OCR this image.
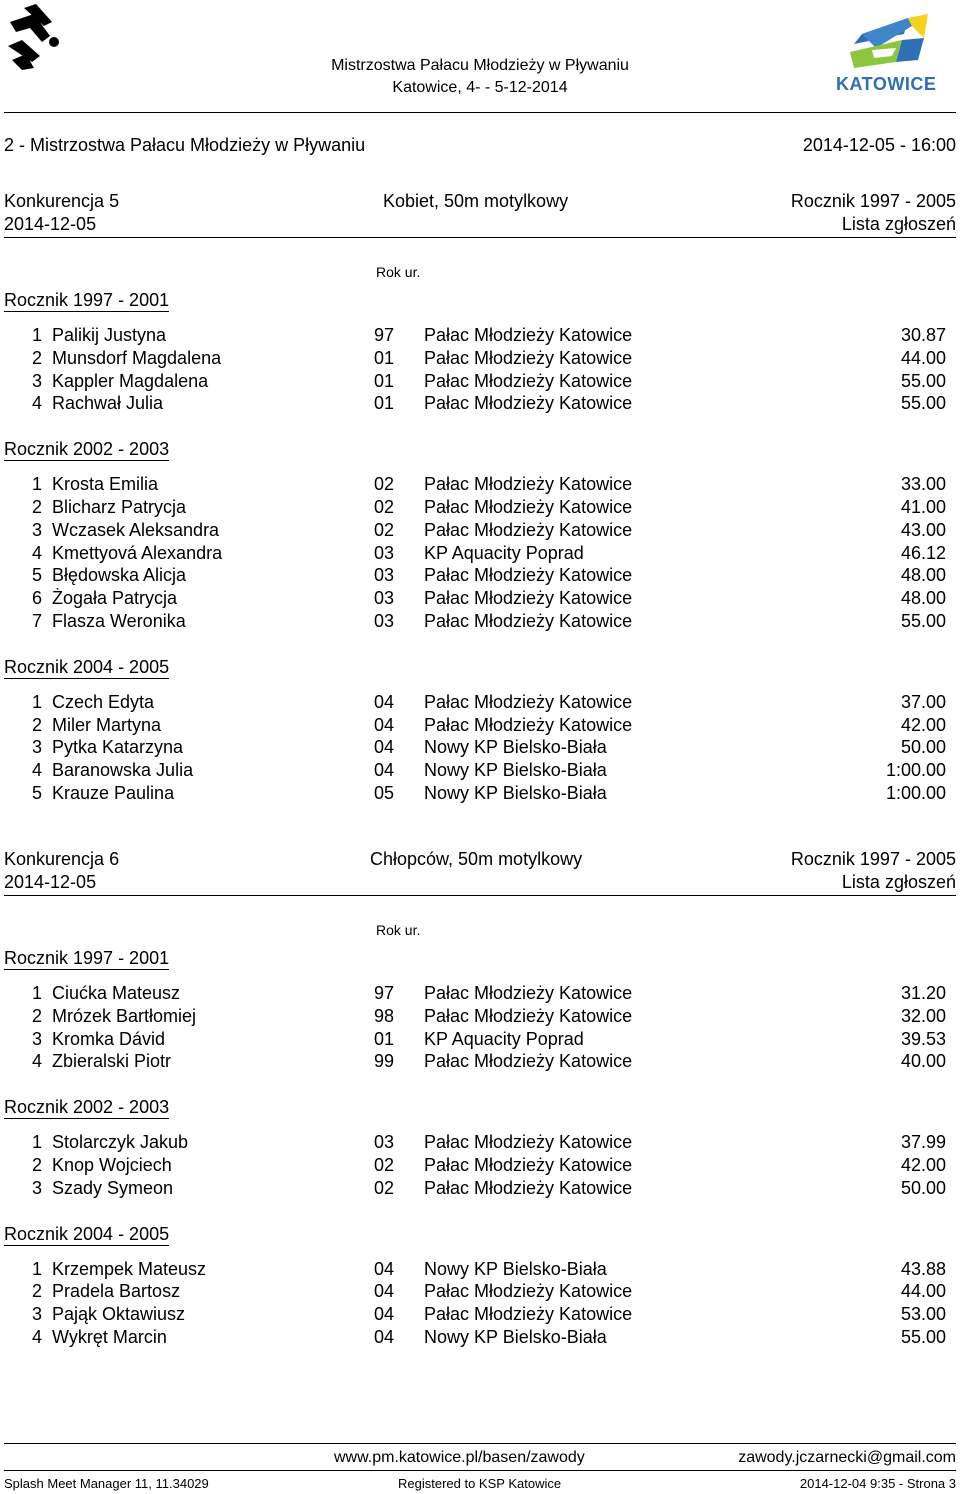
Mistrzostwa Pałacu Młodzieży w Pływaniu
Katowice, 4- - 5-12-2014	KATOWICE
2 - Mistrzostwa Pałacu Młodzieży w Pływaniu	2014-12-05 - 16:00
Konkurencja 5	Kobiet, 50m motylkowy	Rocznik 1997 - 2005
2014-12-05	Lista zgłoszeń
Rok ur.
Rocznik 1997 - 2001
1 Palikij Justyna	97 Pałac Młodzieży Katowice	30.87
2 Munsdorf Magdalena	01 Pałac Młodzieży Katowice	44.00
3 Kappler Magdalena	01 Pałac Młodzieży Katowice	55.00
4 Rachwał Julia	01 Pałac Młodzieży Katowice	55.00
Rocznik 2002 - 2003
1 Krosta Emilia	02 Pałac Młodzieży Katowice	33.00
2 Blicharz Patrycja	02 Pałac Młodzieży Katowice	41.00
3 Wczasek Aleksandra	02 Pałac Młodzieży Katowice	43.00
4 Kmettyová Alexandra	03 KP Aquacity Poprad	46.12
5 Błędowska Alicja	03 Pałac Młodzieży Katowice	48.00
6 Żogała Patrycja	03 Pałac Młodzieży Katowice	48.00
7 Flasza Weronika	03 Pałac Młodzieży Katowice	55.00
Rocznik 2004 - 2005
1 Czech Edyta	04 Pałac Młodzieży Katowice	37.00
2 Miler Martyna	04 Pałac Młodzieży Katowice	42.00
3 Pytka Katarzyna	04 Nowy KP Bielsko-Biała	50.00
4 Baranowska Julia	04 Nowy KP Bielsko-Biała	1:00.00
5 Krauze Paulina	05 Nowy KP Bielsko-Biała	1:00.00
Konkurencja 6	Chłopców, 50m motylkowy	Rocznik 1997 - 2005
2014-12-05	Lista zgłoszeń
Rok ur.
Rocznik 1997 - 2001
1 Ciućka Mateusz	97 Pałac Młodzieży Katowice	31.20
2 Mrózek Bartłomiej	98 Pałac Młodzieży Katowice	32.00
3 Kromka Dávid	01 KP Aquacity Poprad	39.53
4 Zbieralski Piotr	99 Pałac Młodzieży Katowice	40.00
Rocznik 2002 - 2003
1 Stolarczyk Jakub	03 Pałac Młodzieży Katowice	37.99
2 Knop Wojciech	02 Pałac Młodzieży Katowice	42.00
3 Szady Symeon	02 Pałac Młodzieży Katowice	50.00
Rocznik 2004 - 2005
1 Krzempek Mateusz	04 Nowy KP Bielsko-Biała	43.88
2 Pradela Bartosz	04 Pałac Młodzieży Katowice	44.00
3 Pająk Oktawiusz	04 Pałac Młodzieży Katowice	53.00
4 Wykręt Marcin	04 Nowy KP Bielsko-Biała	55.00
www.pm.katowice.pl/basen/zawody	zawody.jczarnecki@gmail.com
Splash Meet Manager 11, 11.34029	Registered to KSP Katowice	2014-12-04 9:35 - Strona 3
